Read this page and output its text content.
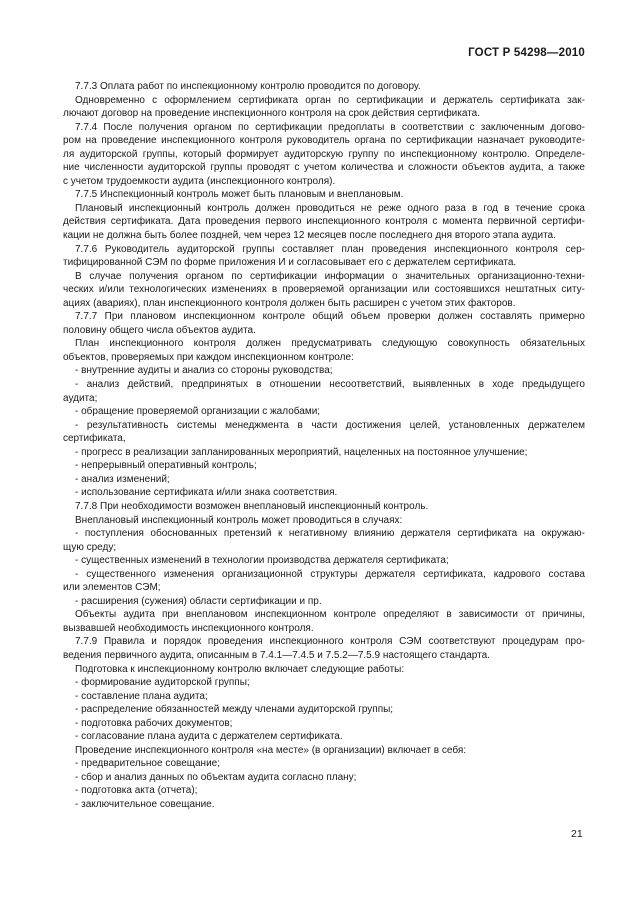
ГОСТ Р 54298—2010
7.7.3 Оплата работ по инспекционному контролю проводится по договору.
Одновременно с оформлением сертификата орган по сертификации и держатель сертификата зак-
лючают договор на проведение инспекционного контроля на срок действия сертификата.
7.7.4 После получения органом по сертификации предоплаты в соответствии с заключенным догово-
ром на проведение инспекционного контроля руководитель органа по сертификации назначает руководите-
ля аудиторской группы, который формирует аудиторскую группу по инспекционному контролю. Определе-
ние численности аудиторской группы проводят с учетом количества и сложности объектов аудита, а также
с учетом трудоемкости аудита (инспекционного контроля).
7.7.5 Инспекционный контроль может быть плановым и внеплановым.
Плановый инспекционный контроль должен проводиться не реже одного раза в год в течение срока
действия сертификата. Дата проведения первого инспекционного контроля с момента первичной сертифи-
кации не должна быть более поздней, чем через 12 месяцев после последнего дня второго этапа аудита.
7.7.6 Руководитель аудиторской группы составляет план проведения инспекционного контроля сер-
тифицированной СЭМ по форме приложения И и согласовывает его с держателем сертификата.
В случае получения органом по сертификации информации о значительных организационно-техни-
ческих и/или технологических изменениях в проверяемой организации или состоявшихся нештатных ситу-
ациях (авариях), план инспекционного контроля должен быть расширен с учетом этих факторов.
7.7.7 При плановом инспекционном контроле общий объем проверки должен составлять примерно
половину общего числа объектов аудита.
План инспекционного контроля должен предусматривать следующую совокупность обязательных
объектов, проверяемых при каждом инспекционном контроле:
- внутренние аудиты и анализ со стороны руководства;
- анализ действий, предпринятых в отношении несоответствий, выявленных в ходе предыдущего
аудита;
- обращение проверяемой организации с жалобами;
- результативность системы менеджмента в части достижения целей, установленных держателем
сертификата,
- прогресс в реализации запланированных мероприятий, нацеленных на постоянное улучшение;
- непрерывный оперативный контроль;
- анализ изменений;
- использование сертификата и/или знака соответствия.
7.7.8 При необходимости возможен внеплановый инспекционный контроль.
Внеплановый инспекционный контроль может проводиться в случаях:
- поступления обоснованных претензий к негативному влиянию держателя сертификата на окружаю-
щую среду;
- существенных изменений в технологии производства держателя сертификата;
- существенного изменения организационной структуры держателя сертификата, кадрового состава
или элементов СЭМ;
- расширения (сужения) области сертификации и пр.
Объекты аудита при внеплановом инспекционном контроле определяют в зависимости от причины,
вызвавшей необходимость инспекционного контроля.
7.7.9 Правила и порядок проведения инспекционного контроля СЭМ соответствуют процедурам про-
ведения первичного аудита, описанным в 7.4.1—7.4.5 и 7.5.2—7.5.9 настоящего стандарта.
Подготовка к инспекционному контролю включает следующие работы:
- формирование аудиторской группы;
- составление плана аудита;
- распределение обязанностей между членами аудиторской группы;
- подготовка рабочих документов;
- согласование плана аудита с держателем сертификата.
Проведение инспекционного контроля «на месте» (в организации) включает в себя:
- предварительное совещание;
- сбор и анализ данных по объектам аудита согласно плану;
- подготовка акта (отчета);
- заключительное совещание.
21
